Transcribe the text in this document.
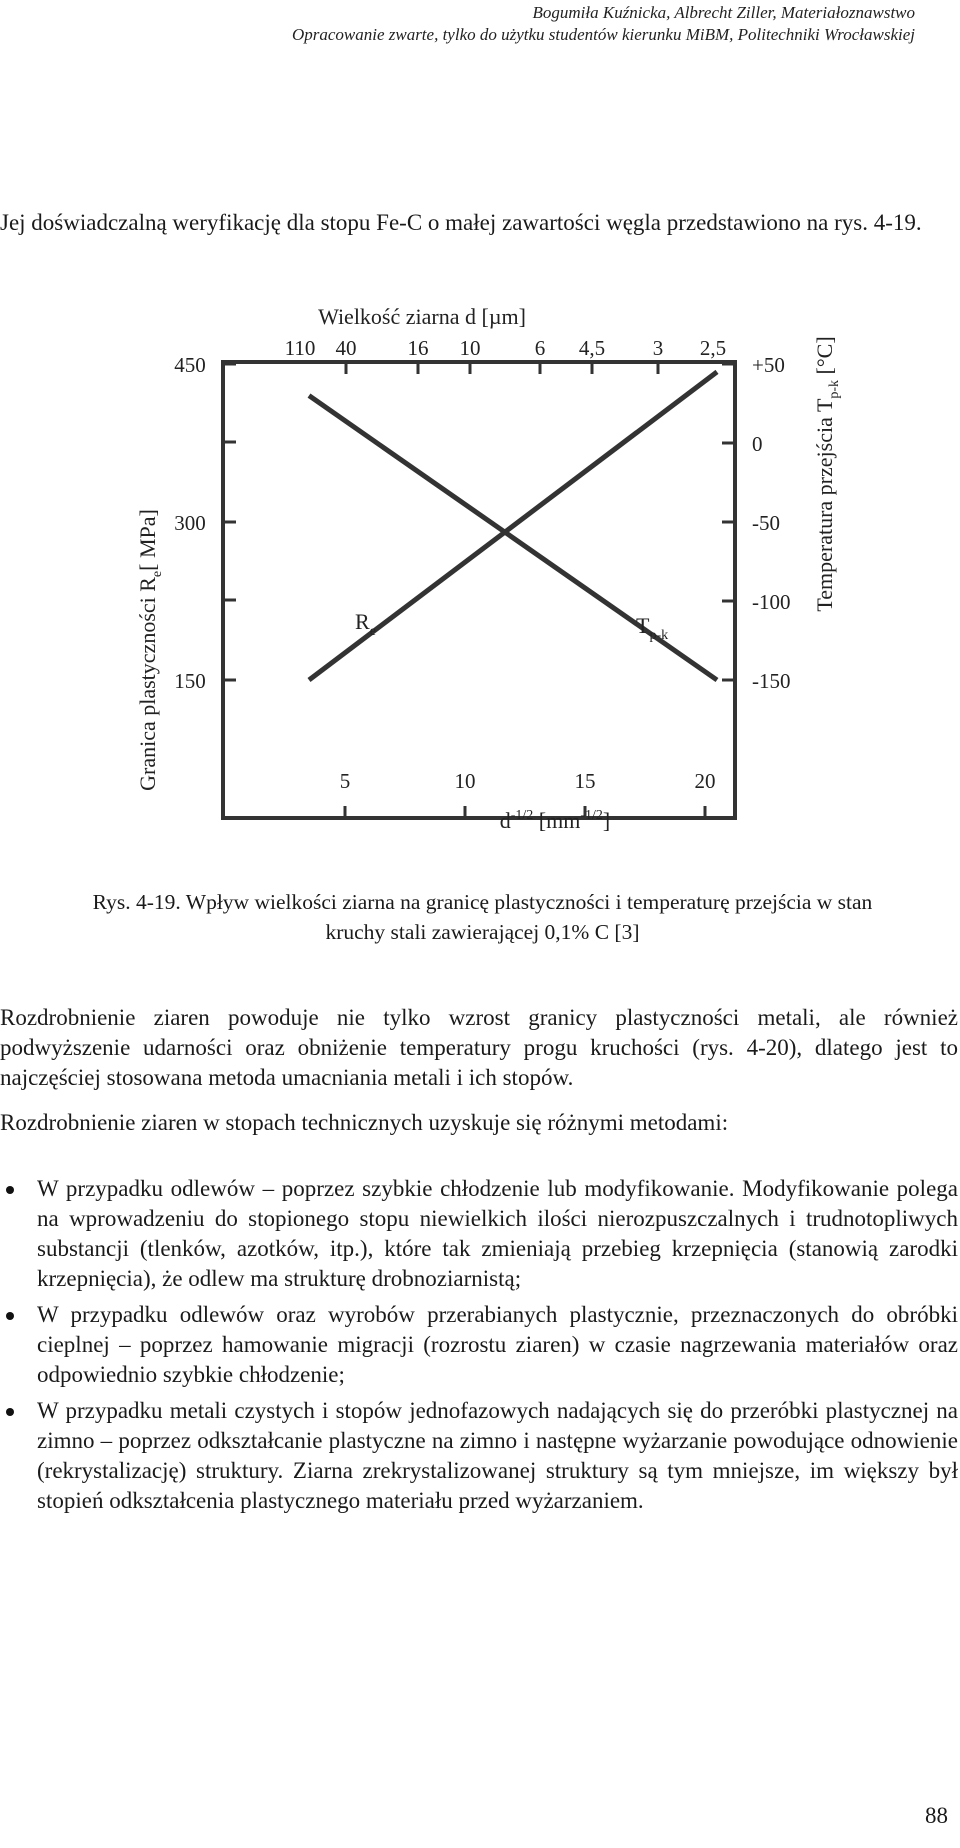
Bogumiła Kuźnicka, Albrecht Ziller, Materiałoznawstwo
Opracowanie zwarte, tylko do użytku studentów kierunku MiBM, Politechniki Wrocławskiej
Jej doświadczalną weryfikację dla stopu Fe-C o małej zawartości węgla przedstawiono na rys. 4-19.
Wielkość ziarna d [µm]
110 40 16 10	6 4,5 3 2,5
450
300
150
+50
0
-50
-100
-150
5	10	15	20
$R_e$	$T_{p-k}$
Granica plastyczności $R_e$[ MPa]	Temperatura przejścia $T_{p-k}$ [°C]
$d^{-1/2}$ $[mm^{-1/2}]$
Rys. 4-19. Wpływ wielkości ziarna na granicę plastyczności i temperaturę przejścia w stan
kruchy stali zawierającej 0,1% C [3]
Rozdrobnienie ziaren powoduje nie tylko wzrost granicy plastyczności metali, ale również podwyższenie udarności oraz obniżenie temperatury progu kruchości (rys. 4-20), dlatego jest to najczęściej stosowana metoda umacniania metali i ich stopów.
Rozdrobnienie ziaren w stopach technicznych uzyskuje się różnymi metodami:
W przypadku odlewów – poprzez szybkie chłodzenie lub modyfikowanie. Modyfikowanie polega na wprowadzeniu do stopionego stopu niewielkich ilości nierozpuszczalnych i trudnotopliwych substancji (tlenków, azotków, itp.), które tak zmieniają przebieg krzepnięcia (stanowią zarodki krzepnięcia), że odlew ma strukturę drobnoziarnistą;
W przypadku odlewów oraz wyrobów przerabianych plastycznie, przeznaczonych do obróbki cieplnej – poprzez hamowanie migracji (rozrostu ziaren) w czasie nagrzewania materiałów oraz odpowiednio szybkie chłodzenie;
W przypadku metali czystych i stopów jednofazowych nadających się do przeróbki plastycznej na zimno – poprzez odkształcanie plastyczne na zimno i następne wyżarzanie powodujące odnowienie (rekrystalizację) struktury. Ziarna zrekrystalizowanej struktury są tym mniejsze, im większy był stopień odkształcenia plastycznego materiału przed wyżarzaniem.
88
